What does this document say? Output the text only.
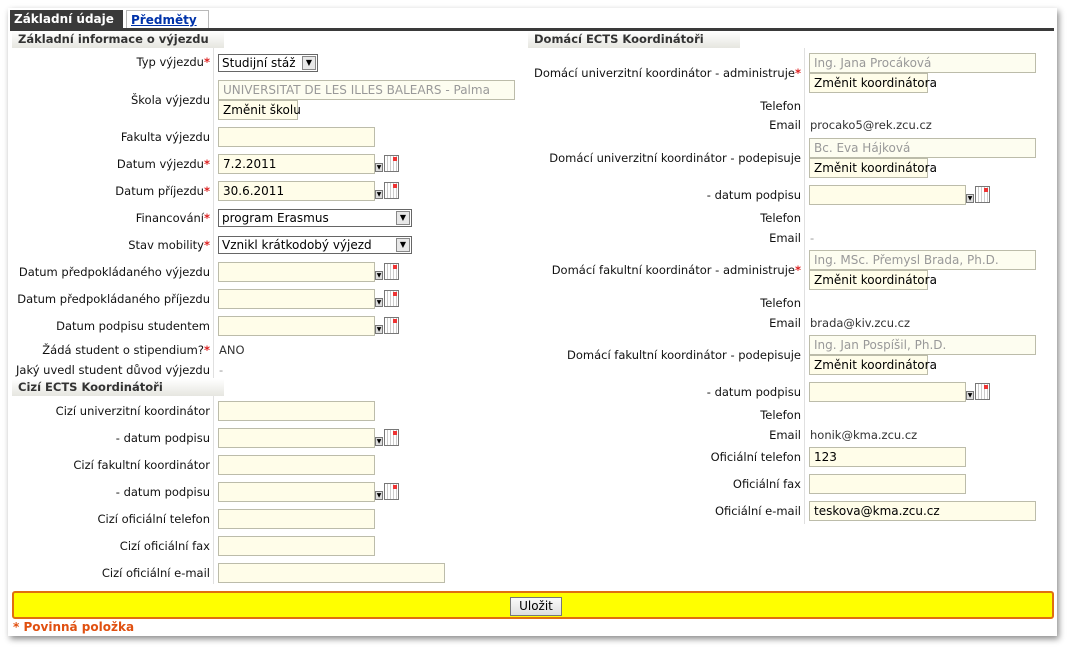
Základní údaje	Předměty
Základní informace o výjezdu
Typ výjezdu*	Studijní stáž	▼
Škola výjezdu
UNIVERSITAT DE LES ILLES BALEARS - Palma
Změnit školu
Fakulta výjezdu
Datum výjezdu*	7.2.2011	▼
Datum příjezdu*	30.6.2011	▼
Financování*	program Erasmus	▼
Stav mobility*	Vznikl krátkodobý výjezd	▼
Datum předpokládaného výjezdu	▼
Datum předpokládaného příjezdu	▼
Datum podpisu studentem	▼
Žádá student o stipendium?* ANO
Jaký uvedl student důvod výjezdu -
Cizí ECTS Koordinátoři
Cizí univerzitní koordinátor
- datum podpisu	▼
Cizí fakultní koordinátor
- datum podpisu	▼
Cizí oficiální telefon
Cizí oficiální fax
Cizí oficiální e-mail
Domácí ECTS Koordinátoři
Domácí univerzitní koordinátor - administruje*
Ing. Jana Procáková
Změnit koordinátora
Telefon
Email procako5@rek.zcu.cz
Domácí univerzitní koordinátor - podepisuje
Bc. Eva Hájková
Změnit koordinátora
- datum podpisu	▼
Telefon
Email -
Domácí fakultní koordinátor - administruje*
Ing. MSc. Přemysl Brada, Ph.D.
Změnit koordinátora
Telefon
Email brada@kiv.zcu.cz
Domácí fakultní koordinátor - podepisuje
Ing. Jan Pospíšil, Ph.D.
Změnit koordinátora
- datum podpisu	▼
Telefon
Email honik@kma.zcu.cz
Oficiální telefon	123
Oficiální fax
Oficiální e-mail	teskova@kma.zcu.cz
Uložit
* Povinná položka
